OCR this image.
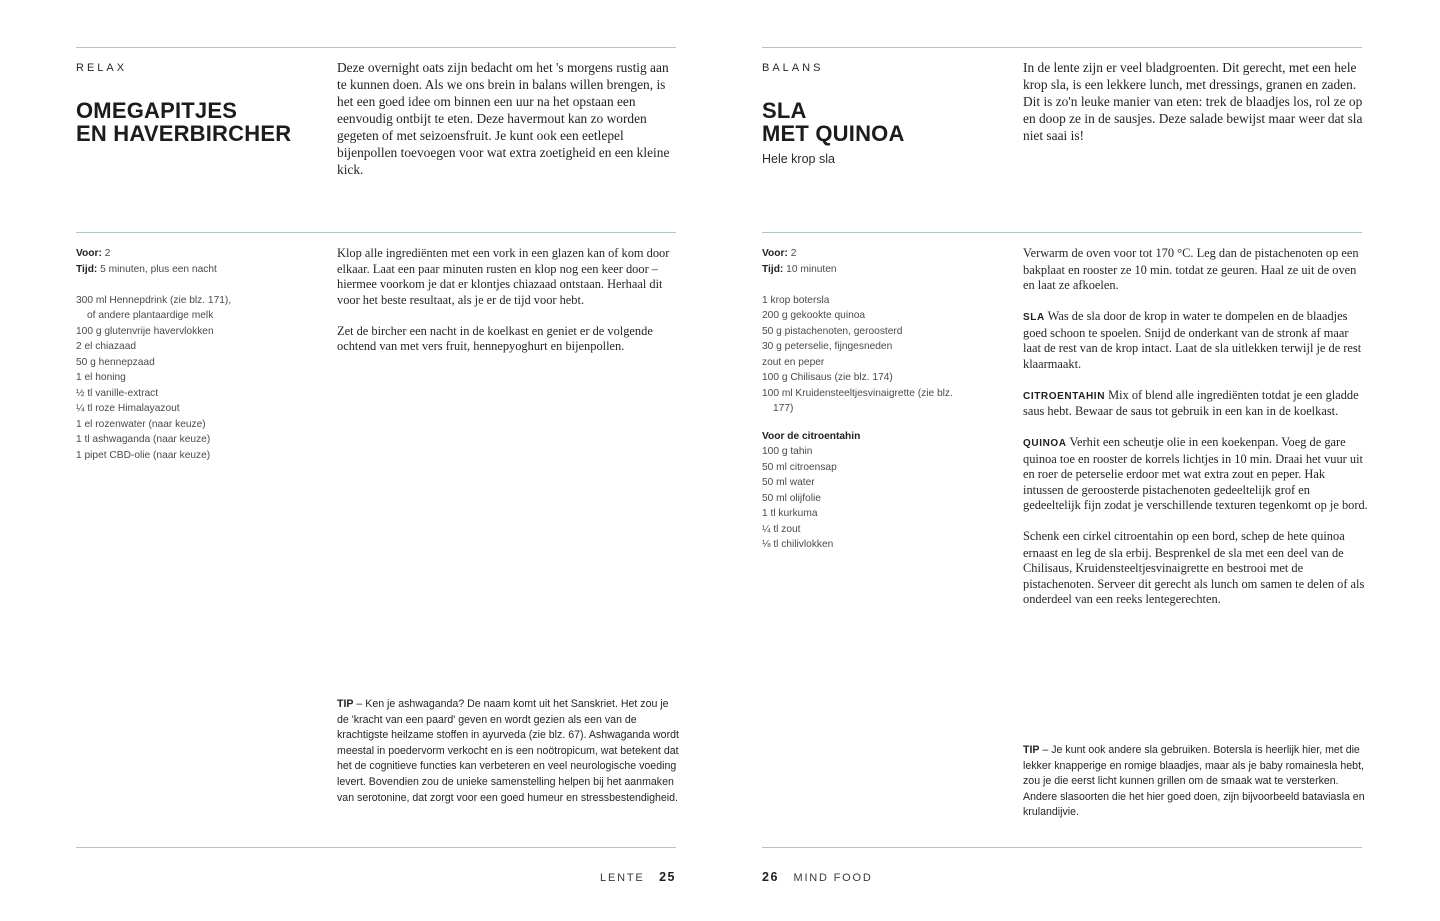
RELAX
OMEGAPITJES
EN HAVERBIRCHER
Deze overnight oats zijn bedacht om het 's morgens rustig aan te kunnen doen. Als we ons brein in balans willen brengen, is het een goed idee om binnen een uur na het opstaan een eenvoudig ontbijt te eten. Deze havermout kan zo worden gegeten of met seizoensfruit. Je kunt ook een eetlepel bijenpollen toevoegen voor wat extra zoetigheid en een kleine kick.
Voor: 2
Tijd: 5 minuten, plus een nacht
300 ml Hennepdrink (zie blz. 171),
of andere plantaardige melk
100 g glutenvrije havervlokken
2 el chiazaad
50 g hennepzaad
1 el honing
½ tl vanille-extract
¼ tl roze Himalayazout
1 el rozenwater (naar keuze)
1 tl ashwaganda (naar keuze)
1 pipet CBD-olie (naar keuze)

Klop alle ingrediënten met een vork in een glazen kan of kom door elkaar. Laat een paar minuten rusten en klop nog een keer door – hiermee voorkom je dat er klontjes chiazaad ontstaan. Herhaal dit voor het beste resultaat, als je er de tijd voor hebt.

Zet de bircher een nacht in de koelkast en geniet er de volgende ochtend van met vers fruit, hennepyoghurt en bijenpollen.

TIP – Ken je ashwaganda? De naam komt uit het Sanskriet. Het zou je de 'kracht van een paard' geven en wordt gezien als een van de krachtigste heilzame stoffen in ayurveda (zie blz. 67). Ashwaganda wordt meestal in poedervorm verkocht en is een noötropicum, wat betekent dat het de cognitieve functies kan verbeteren en veel neurologische voeding levert. Bovendien zou de unieke samenstelling helpen bij het aanmaken van serotonine, dat zorgt voor een goed humeur en stressbestendigheid.
LENTE 25
BALANS
SLA
MET QUINOA
Hele krop sla
In de lente zijn er veel bladgroenten. Dit gerecht, met een hele krop sla, is een lekkere lunch, met dressings, granen en zaden. Dit is zo'n leuke manier van eten: trek de blaadjes los, rol ze op en doop ze in de sausjes. Deze salade bewijst maar weer dat sla niet saai is!
Voor: 2
Tijd: 10 minuten
1 krop botersla
200 g gekookte quinoa
50 g pistachenoten, geroosterd
30 g peterselie, fijngesneden
zout en peper
100 g Chilisaus (zie blz. 174)
100 ml Kruidensteeltjesvinaigrette (zie blz.
177)
Voor de citroentahin
100 g tahin
50 ml citroensap
50 ml water
50 ml olijfolie
1 tl kurkuma
¼ tl zout
⅛ tl chilivlokken

Verwarm de oven voor tot 170 °C. Leg dan de pistachenoten op een bakplaat en rooster ze 10 min. totdat ze geuren. Haal ze uit de oven en laat ze afkoelen.

SLA Was de sla door de krop in water te dompelen en de blaadjes goed schoon te spoelen. Snijd de onderkant van de stronk af maar laat de rest van de krop intact. Laat de sla uitlekken terwijl je de rest klaarmaakt.

CITROENTAHIN Mix of blend alle ingrediënten totdat je een gladde saus hebt. Bewaar de saus tot gebruik in een kan in de koelkast.

QUINOA Verhit een scheutje olie in een koekenpan. Voeg de gare quinoa toe en rooster de korrels lichtjes in 10 min. Draai het vuur uit en roer de peterselie erdoor met wat extra zout en peper. Hak intussen de geroosterde pistachenoten gedeeltelijk grof en gedeeltelijk fijn zodat je verschillende texturen tegenkomt op je bord.

Schenk een cirkel citroentahin op een bord, schep de hete quinoa ernaast en leg de sla erbij. Besprenkel de sla met een deel van de Chilisaus, Kruidensteeltjesvinaigrette en bestrooi met de pistachenoten. Serveer dit gerecht als lunch om samen te delen of als onderdeel van een reeks lentegerechten.

TIP – Je kunt ook andere sla gebruiken. Botersla is heerlijk hier, met die lekker knapperige en romige blaadjes, maar als je baby romainesla hebt, zou je die eerst licht kunnen grillen om de smaak wat te versterken. Andere slasoorten die het hier goed doen, zijn bijvoorbeeld bataviasla en krulandijvie.
26 MIND FOOD
